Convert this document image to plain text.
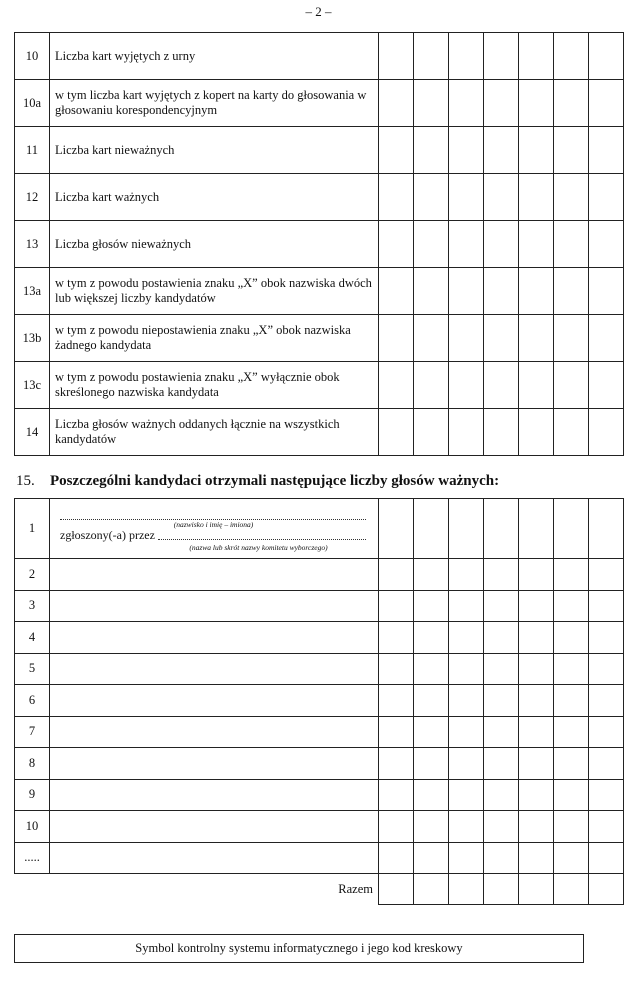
– 2 –
10	Liczba kart wyjętych z urny							
10a	w tym liczba kart wyjętych z kopert na karty do głosowania w głosowaniu korespondencyjnym							
11	Liczba kart nieważnych							
12	Liczba kart ważnych							
13	Liczba głosów nieważnych							
13a	w tym z powodu postawienia znaku „X” obok nazwiska dwóch lub większej liczby kandydatów							
13b	w tym z powodu niepostawienia znaku „X” obok nazwiska żadnego kandydata							
13c	w tym z powodu postawienia znaku „X” wyłącznie obok skreślonego nazwiska kandydata							
14	Liczba głosów ważnych oddanych łącznie na wszystkich kandydatów							
15. Poszczególni kandydaci otrzymali następujące liczby głosów ważnych:
1	(nazwisko i imię – imiona)
zgłoszony(-a) przez
(nazwa lub skrót nazwy komitetu wyborczego)							

2								
3								
4								
5								
6								
7								
8								
9								
10								
.....								
	Razem							
Symbol kontrolny systemu informatycznego i jego kod kreskowy
